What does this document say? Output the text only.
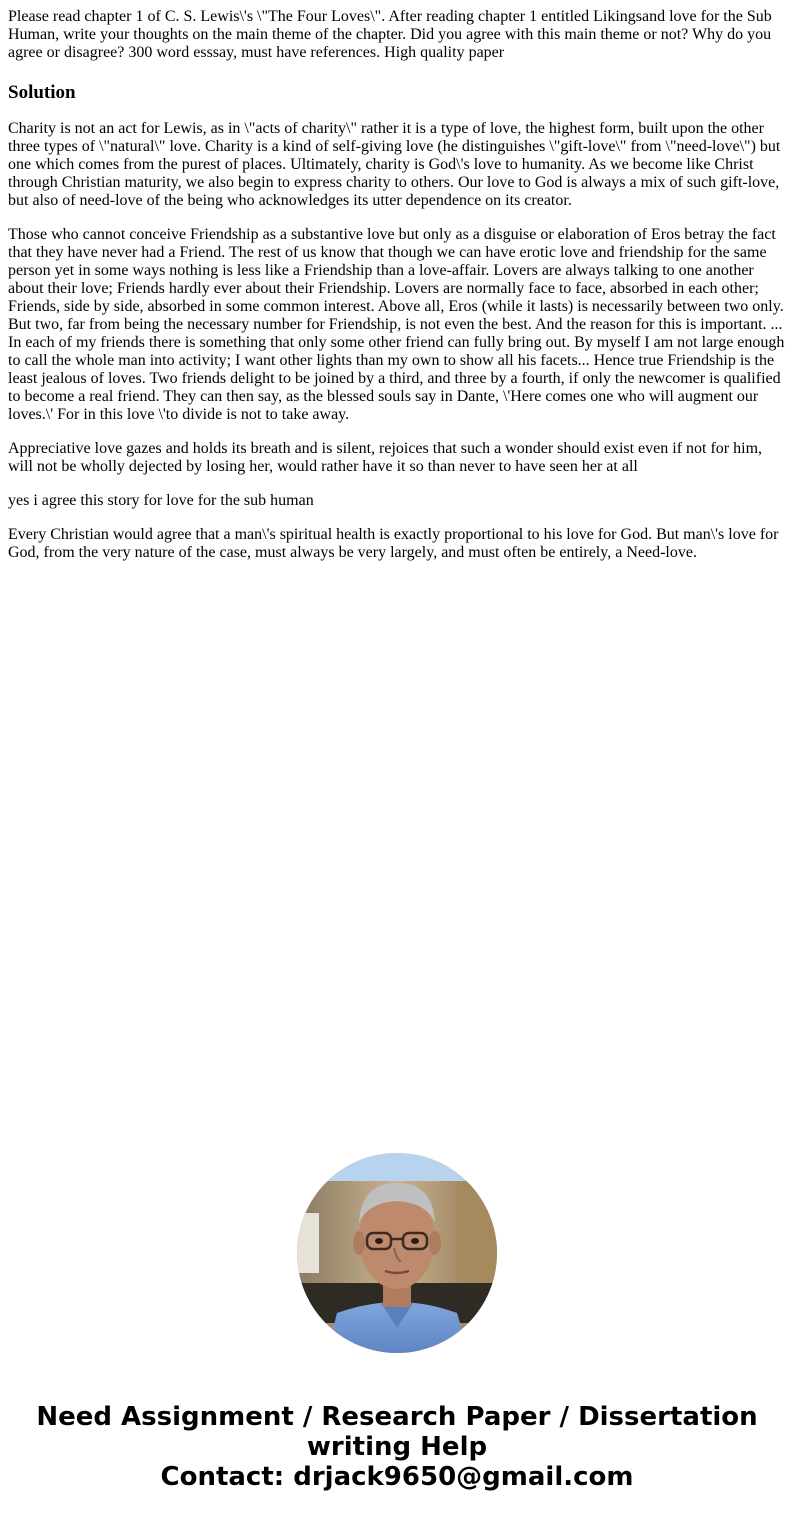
Please read chapter 1 of C. S. Lewis\'s \"The Four Loves\". After reading chapter 1 entitled Likingsand love for the Sub Human, write your thoughts on the main theme of the chapter. Did you agree with this main theme or not? Why do you agree or disagree? 300 word esssay, must have references. High quality paper

Solution

Charity is not an act for Lewis, as in \"acts of charity\" rather it is a type of love, the highest form, built upon the other three types of \"natural\" love. Charity is a kind of self-giving love (he distinguishes \"gift-love\" from \"need-love\") but one which comes from the purest of places. Ultimately, charity is God\'s love to humanity. As we become like Christ through Christian maturity, we also begin to express charity to others. Our love to God is always a mix of such gift-love, but also of need-love of the being who acknowledges its utter dependence on its creator.

Those who cannot conceive Friendship as a substantive love but only as a disguise or elaboration of Eros betray the fact that they have never had a Friend. The rest of us know that though we can have erotic love and friendship for the same person yet in some ways nothing is less like a Friendship than a love-affair. Lovers are always talking to one another about their love; Friends hardly ever about their Friendship. Lovers are normally face to face, absorbed in each other; Friends, side by side, absorbed in some common interest. Above all, Eros (while it lasts) is necessarily between two only. But two, far from being the necessary number for Friendship, is not even the best. And the reason for this is important. ... In each of my friends there is something that only some other friend can fully bring out. By myself I am not large enough to call the whole man into activity; I want other lights than my own to show all his facets... Hence true Friendship is the least jealous of loves. Two friends delight to be joined by a third, and three by a fourth, if only the newcomer is qualified to become a real friend. They can then say, as the blessed souls say in Dante, \'Here comes one who will augment our loves.\' For in this love \'to divide is not to take away.

Appreciative love gazes and holds its breath and is silent, rejoices that such a wonder should exist even if not for him, will not be wholly dejected by losing her, would rather have it so than never to have seen her at all

yes i agree this story for love for the sub human

Every Christian would agree that a man\'s spiritual health is exactly proportional to his love for God. But man\'s love for God, from the very nature of the case, must always be very largely, and must often be entirely, a Need-love.

Need Assignment / Research Paper / Dissertation
writing Help
Contact: drjack9650@gmail.com
